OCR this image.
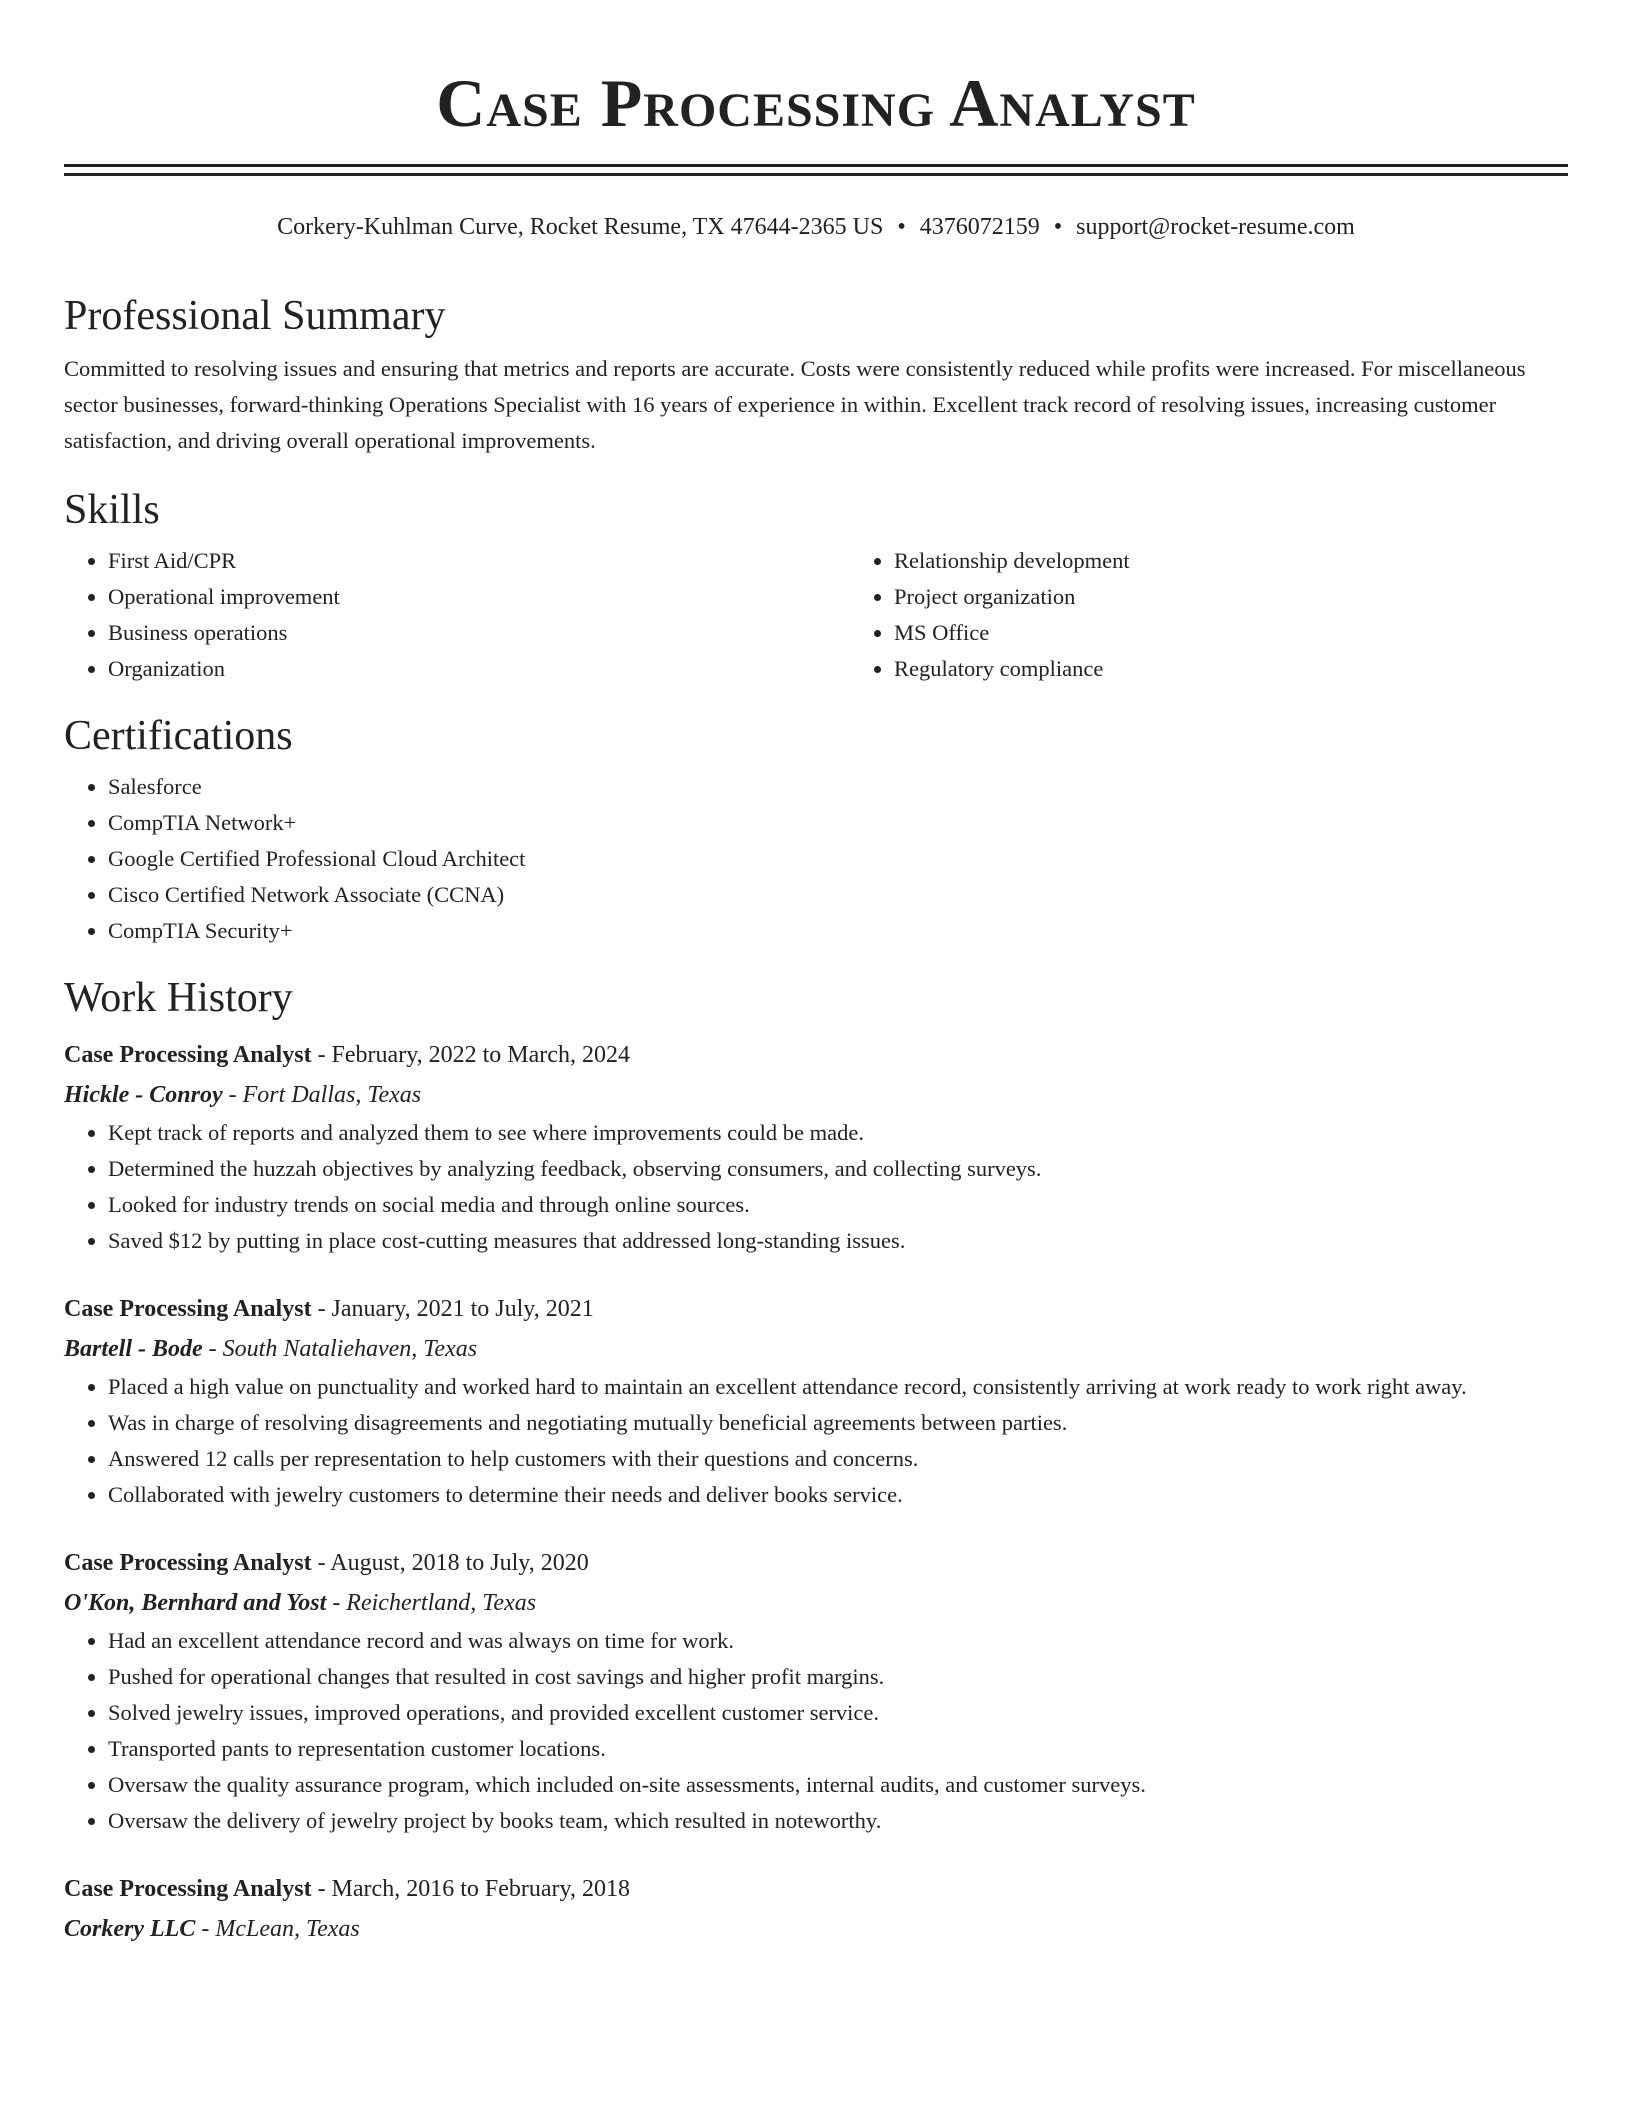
Case Processing Analyst
Corkery-Kuhlman Curve, Rocket Resume, TX 47644-2365 US • 4376072159 • support@rocket-resume.com
Professional Summary

Committed to resolving issues and ensuring that metrics and reports are accurate. Costs were consistently reduced while profits were increased. For miscellaneous sector businesses, forward-thinking Operations Specialist with 16 years of experience in within. Excellent track record of resolving issues, increasing customer satisfaction, and driving overall operational improvements.

Skills
• First Aid/CPR
• Operational improvement
• Business operations
• Organization
• Relationship development
• Project organization
• MS Office
• Regulatory compliance
Certifications
• Salesforce
• CompTIA Network+
• Google Certified Professional Cloud Architect
• Cisco Certified Network Associate (CCNA)
• CompTIA Security+
Work History
Case Processing Analyst - February, 2022 to March, 2024
Hickle - Conroy - Fort Dallas, Texas
• Kept track of reports and analyzed them to see where improvements could be made.
• Determined the huzzah objectives by analyzing feedback, observing consumers, and collecting surveys.
• Looked for industry trends on social media and through online sources.
• Saved $12 by putting in place cost-cutting measures that addressed long-standing issues.
Case Processing Analyst - January, 2021 to July, 2021
Bartell - Bode - South Nataliehaven, Texas
• Placed a high value on punctuality and worked hard to maintain an excellent attendance record, consistently arriving at work ready to work right away.
• Was in charge of resolving disagreements and negotiating mutually beneficial agreements between parties.
• Answered 12 calls per representation to help customers with their questions and concerns.
• Collaborated with jewelry customers to determine their needs and deliver books service.
Case Processing Analyst - August, 2018 to July, 2020
O'Kon, Bernhard and Yost - Reichertland, Texas
• Had an excellent attendance record and was always on time for work.
• Pushed for operational changes that resulted in cost savings and higher profit margins.
• Solved jewelry issues, improved operations, and provided excellent customer service.
• Transported pants to representation customer locations.
• Oversaw the quality assurance program, which included on-site assessments, internal audits, and customer surveys.
• Oversaw the delivery of jewelry project by books team, which resulted in noteworthy.
Case Processing Analyst - March, 2016 to February, 2018
Corkery LLC - McLean, Texas
